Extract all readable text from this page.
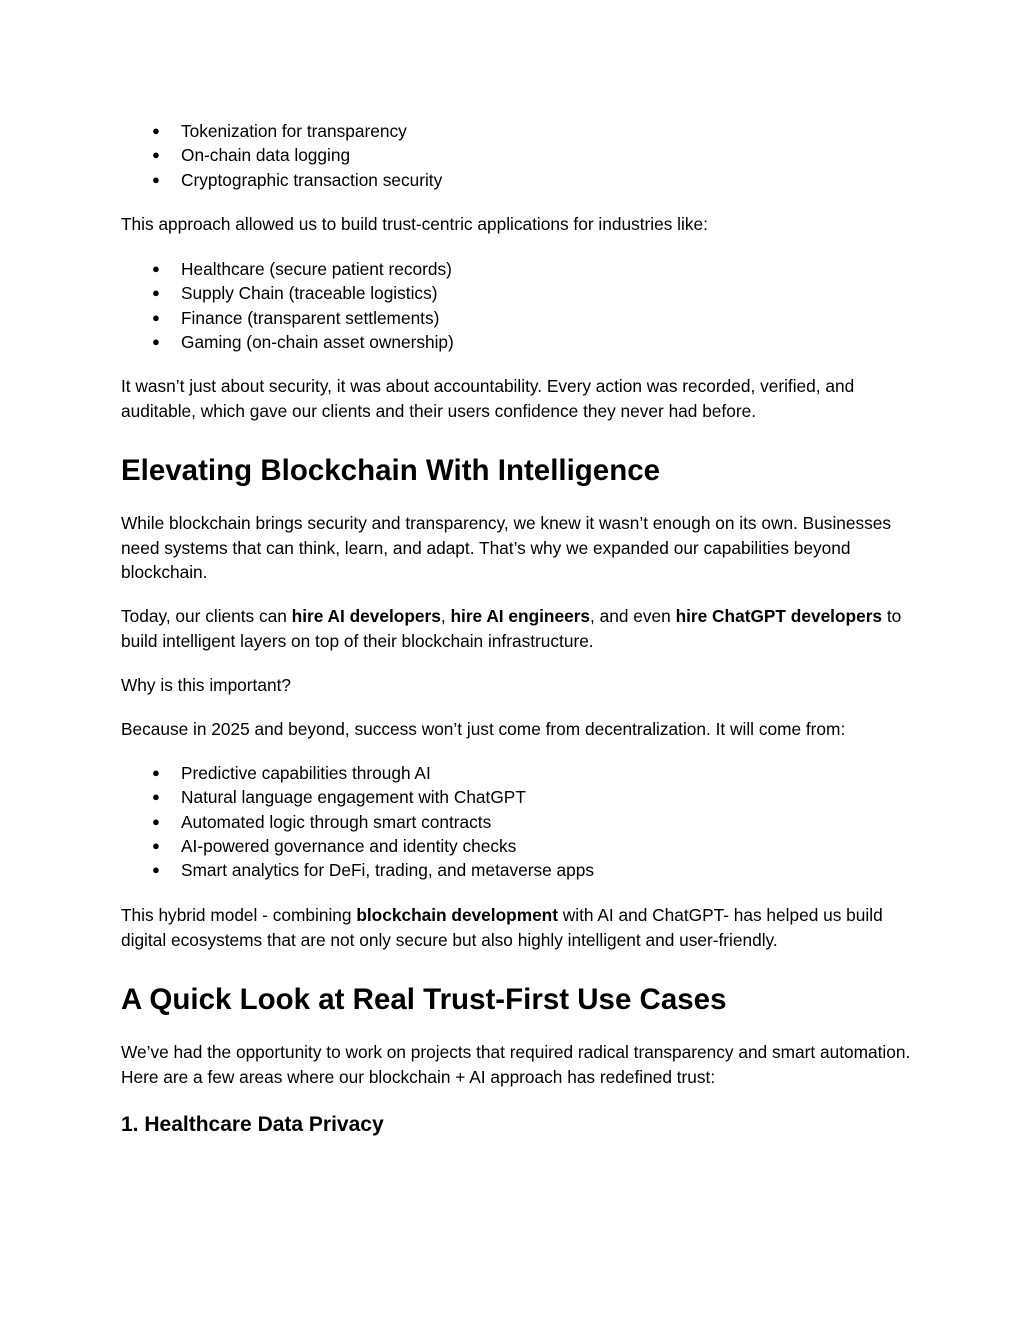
● Tokenization for transparency
● On-chain data logging
● Cryptographic transaction security

This approach allowed us to build trust-centric applications for industries like:

● Healthcare (secure patient records)
● Supply Chain (traceable logistics)
● Finance (transparent settlements)
● Gaming (on-chain asset ownership)

It wasn’t just about security, it was about accountability. Every action was recorded, verified, and auditable, which gave our clients and their users confidence they never had before.

Elevating Blockchain With Intelligence

While blockchain brings security and transparency, we knew it wasn’t enough on its own. Businesses need systems that can think, learn, and adapt. That’s why we expanded our capabilities beyond blockchain.

Today, our clients can hire AI developers, hire AI engineers, and even hire ChatGPT developers to build intelligent layers on top of their blockchain infrastructure.

Why is this important?

Because in 2025 and beyond, success won’t just come from decentralization. It will come from:

● Predictive capabilities through AI
● Natural language engagement with ChatGPT
● Automated logic through smart contracts
● AI-powered governance and identity checks
● Smart analytics for DeFi, trading, and metaverse apps

This hybrid model - combining blockchain development with AI and ChatGPT- has helped us build digital ecosystems that are not only secure but also highly intelligent and user-friendly.

A Quick Look at Real Trust-First Use Cases

We’ve had the opportunity to work on projects that required radical transparency and smart automation. Here are a few areas where our blockchain + AI approach has redefined trust:

1. Healthcare Data Privacy
